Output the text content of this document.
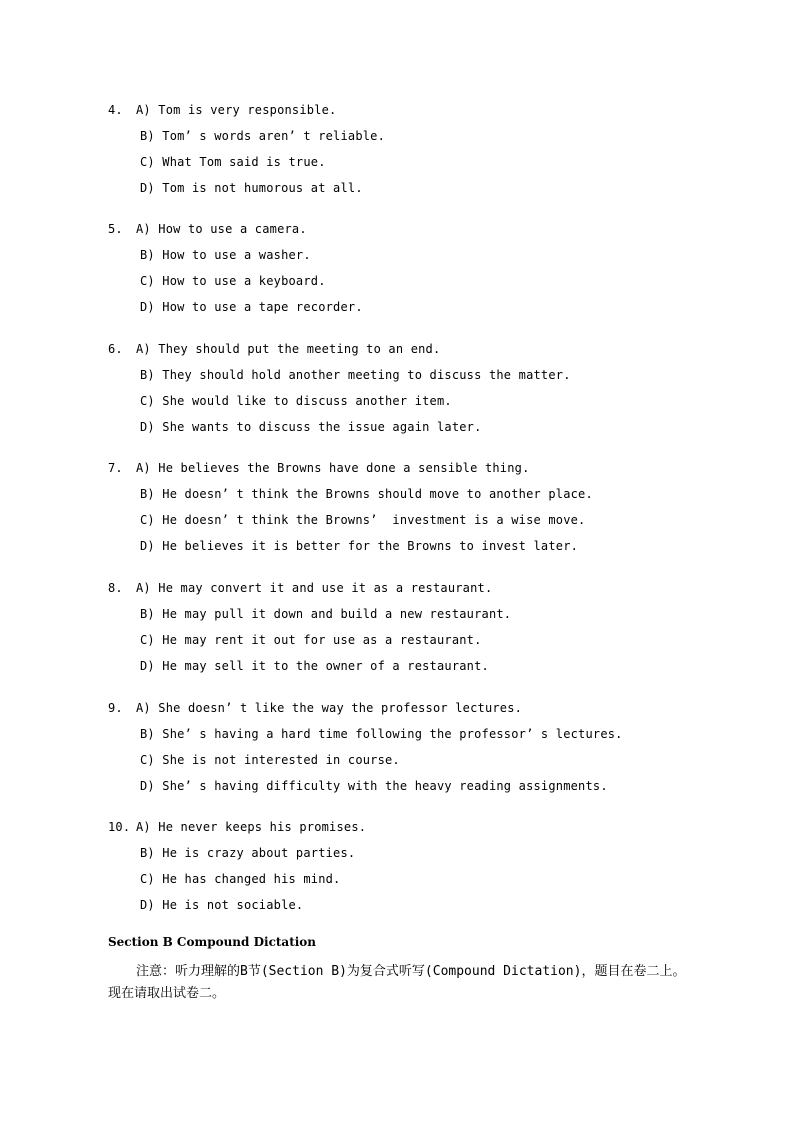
4. A) Tom is very responsible.
B) Tom’ s words aren’ t reliable.
C) What Tom said is true.
D) Tom is not humorous at all.
5. A) How to use a camera.
B) How to use a washer.
C) How to use a keyboard.
D) How to use a tape recorder.
6. A) They should put the meeting to an end.
B) They should hold another meeting to discuss the matter.
C) She would like to discuss another item.
D) She wants to discuss the issue again later.
7. A) He believes the Browns have done a sensible thing.
B) He doesn’ t think the Browns should move to another place.
C) He doesn’ t think the Browns’  investment is a wise move.
D) He believes it is better for the Browns to invest later.
8. A) He may convert it and use it as a restaurant.
B) He may pull it down and build a new restaurant.
C) He may rent it out for use as a restaurant.
D) He may sell it to the owner of a restaurant.
9. A) She doesn’ t like the way the professor lectures.
B) She’ s having a hard time following the professor’ s lectures.
C) She is not interested in course.
D) She’ s having difficulty with the heavy reading assignments.
10. A) He never keeps his promises.
B) He is crazy about parties.
C) He has changed his mind.
D) He is not sociable.
Section B Compound Dictation
注意：听力理解的B节(Section B)为复合式听写(Compound Dictation)，题目在卷二上。现在请取出试卷二。
